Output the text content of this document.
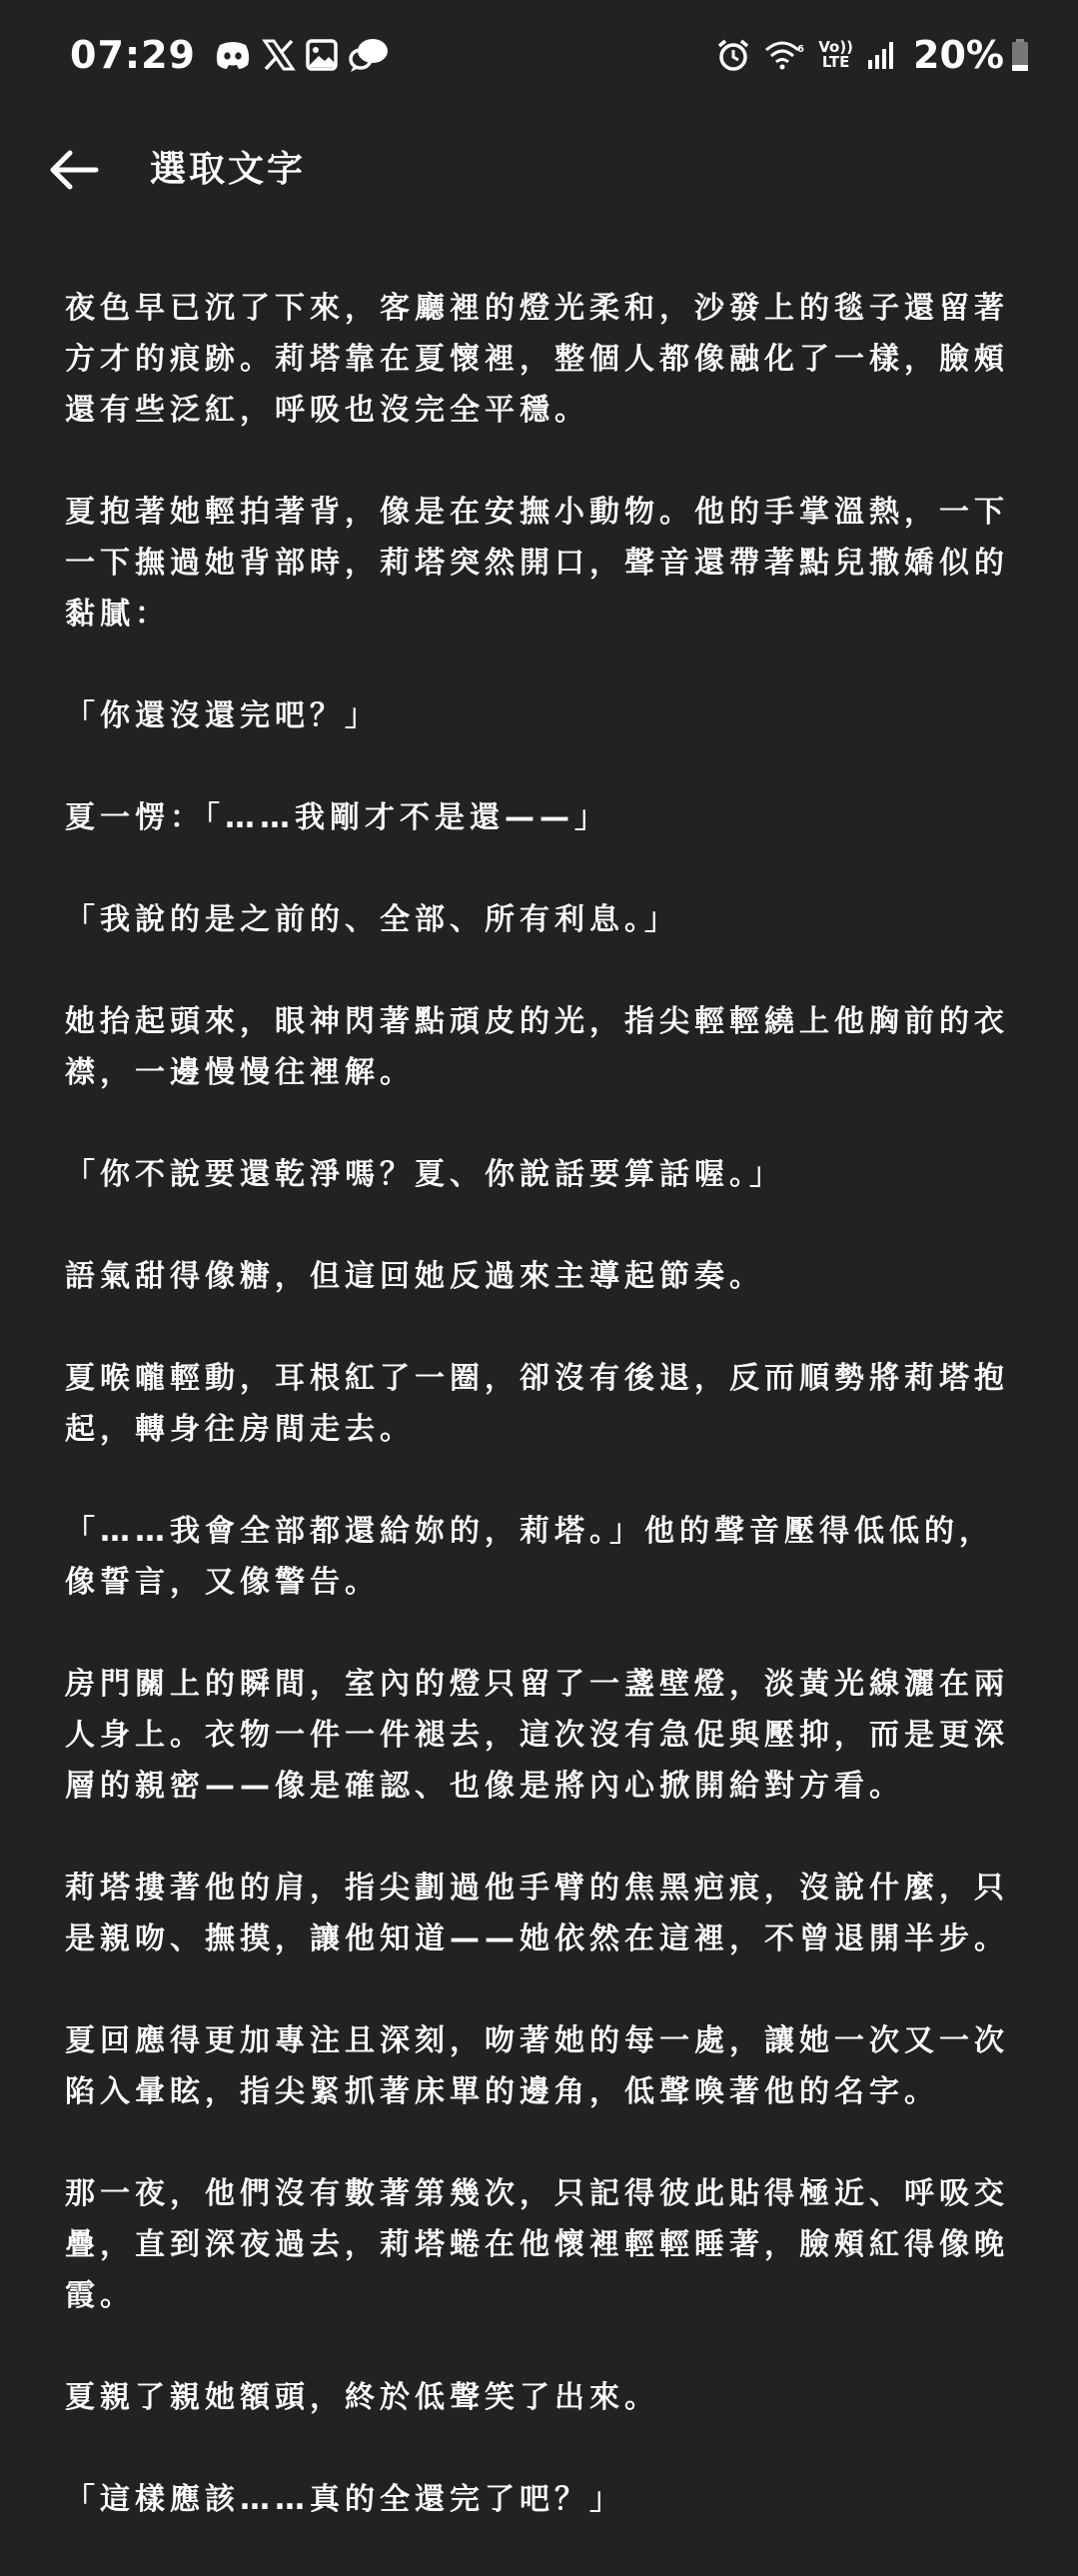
07:29	6 Vo))
LTE 20%
選取文字

夜色早已沉了下來，客廳裡的燈光柔和，沙發上的毯子還留著方才的痕跡。莉塔靠在夏懷裡，整個人都像融化了一樣，臉頰還有些泛紅，呼吸也沒完全平穩。

夏抱著她輕拍著背，像是在安撫小動物。他的手掌溫熱，一下一下撫過她背部時，莉塔突然開口，聲音還帶著點兒撒嬌似的黏膩：

「你還沒還完吧？」

夏一愣：「……我剛才不是還——」

「我說的是之前的、全部、所有利息。」

她抬起頭來，眼神閃著點頑皮的光，指尖輕輕繞上他胸前的衣襟，一邊慢慢往裡解。

「你不說要還乾淨嗎？夏、你說話要算話喔。」

語氣甜得像糖，但這回她反過來主導起節奏。

夏喉嚨輕動，耳根紅了一圈，卻沒有後退，反而順勢將莉塔抱起，轉身往房間走去。

「……我會全部都還給妳的，莉塔。」他的聲音壓得低低的，像誓言，又像警告。

房門關上的瞬間，室內的燈只留了一盞壁燈，淡黃光線灑在兩人身上。衣物一件一件褪去，這次沒有急促與壓抑，而是更深層的親密——像是確認、也像是將內心掀開給對方看。

莉塔摟著他的肩，指尖劃過他手臂的焦黑疤痕，沒說什麼，只是親吻、撫摸，讓他知道——她依然在這裡，不曾退開半步。

夏回應得更加專注且深刻，吻著她的每一處，讓她一次又一次陷入暈眩，指尖緊抓著床單的邊角，低聲喚著他的名字。

那一夜，他們沒有數著第幾次，只記得彼此貼得極近、呼吸交疊，直到深夜過去，莉塔蜷在他懷裡輕輕睡著，臉頰紅得像晚霞。

夏親了親她額頭，終於低聲笑了出來。

「這樣應該……真的全還完了吧？」
